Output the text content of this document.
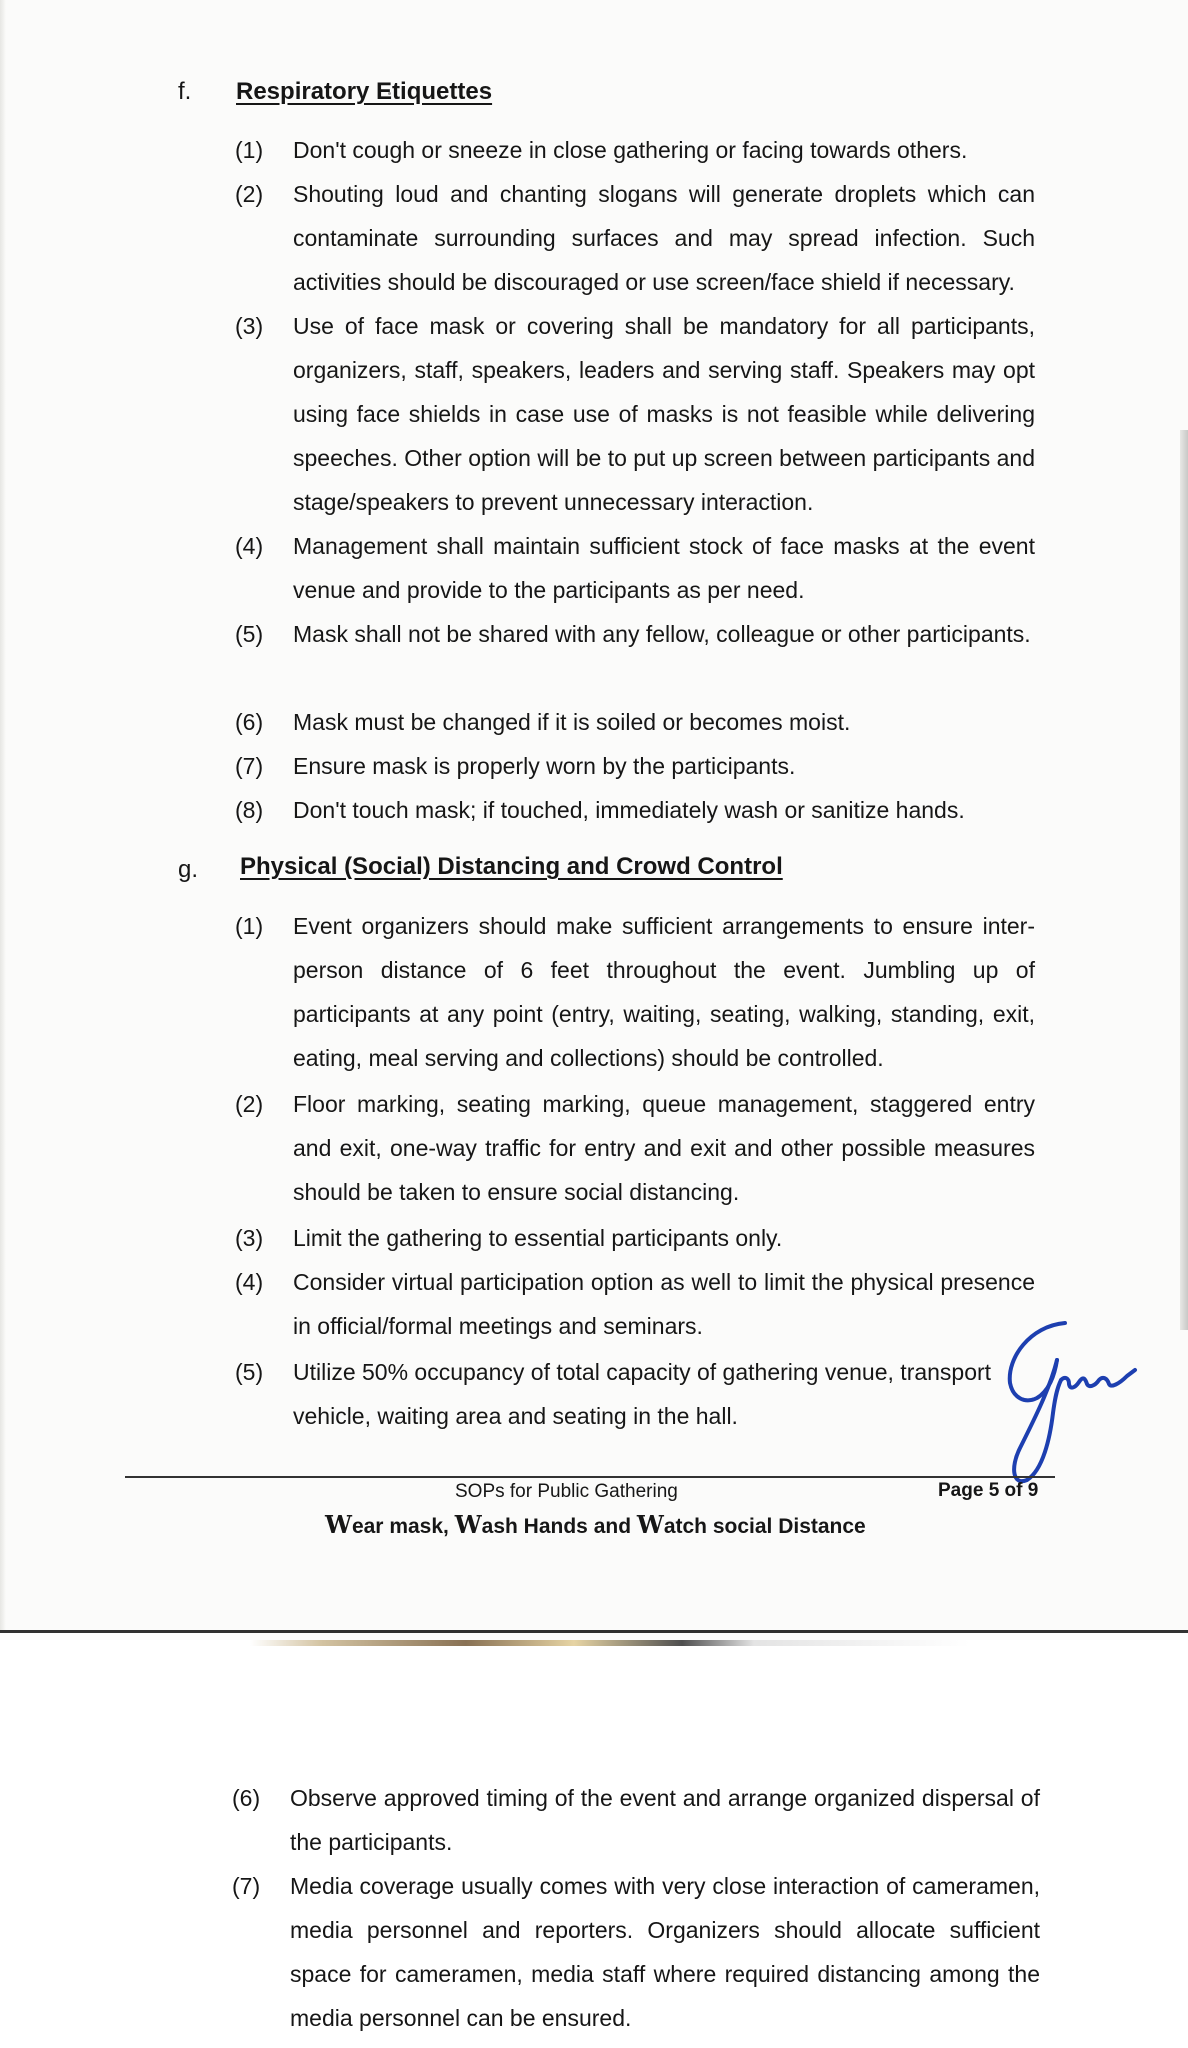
f. Respiratory Etiquettes
(1)	Don't cough or sneeze in close gathering or facing towards others.
(2)	Shouting loud and chanting slogans will generate droplets which can contaminate surrounding surfaces and may spread infection. Such activities should be discouraged or use screen/face shield if necessary.
(3)	Use of face mask or covering shall be mandatory for all participants, organizers, staff, speakers, leaders and serving staff. Speakers may opt using face shields in case use of masks is not feasible while delivering speeches. Other option will be to put up screen between participants and stage/speakers to prevent unnecessary interaction.
(4)	Management shall maintain sufficient stock of face masks at the event venue and provide to the participants as per need.
(5)	Mask shall not be shared with any fellow, colleague or other participants.
(6)	Mask must be changed if it is soiled or becomes moist.
(7)	Ensure mask is properly worn by the participants.
(8)	Don't touch mask; if touched, immediately wash or sanitize hands.
g. Physical (Social) Distancing and Crowd Control
(1)	Event organizers should make sufficient arrangements to ensure inter-person distance of 6 feet throughout the event. Jumbling up of participants at any point (entry, waiting, seating, walking, standing, exit, eating, meal serving and collections) should be controlled.
(2)	Floor marking, seating marking, queue management, staggered entry and exit, one-way traffic for entry and exit and other possible measures should be taken to ensure social distancing.
(3)	Limit the gathering to essential participants only.
(4)	Consider virtual participation option as well to limit the physical presence in official/formal meetings and seminars.
(5)	Utilize 50% occupancy of total capacity of gathering venue, transport vehicle, waiting area and seating in the hall.
SOPs for Public Gathering	Page 5 of 9
Wear mask, Wash Hands and Watch social Distance
(6)	Observe approved timing of the event and arrange organized dispersal of the participants.
(7)	Media coverage usually comes with very close interaction of cameramen, media personnel and reporters. Organizers should allocate sufficient space for cameramen, media staff where required distancing among the media personnel can be ensured.
